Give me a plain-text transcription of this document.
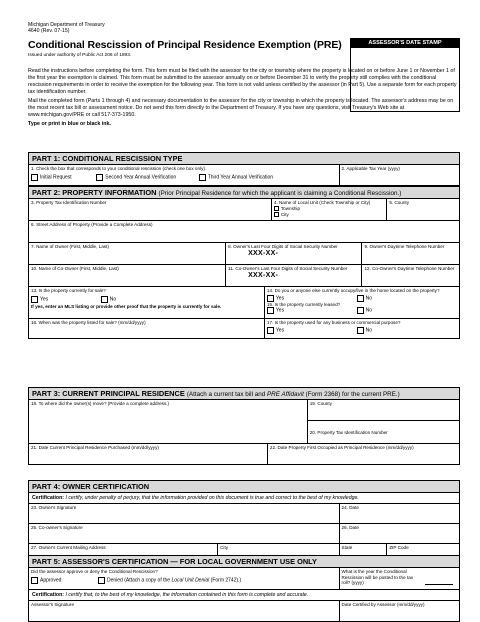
Michigan Department of Treasury
4640 (Rev. 07-15)
Conditional Rescission of Principal Residence Exemption (PRE)
Issued under authority of Public Act 206 of 1893.
ASSESSOR'S DATE STAMP

Read the instructions before completing the form. This form must be filed with the assessor for the city or township where the property is located on or before June 1 or November 1 of the first year the exemption is claimed. This form must be submitted to the assessor annually on or before December 31 to verify the property still complies with the conditional rescission requirements in order to receive the exemption for the following year. This form is not valid unless certified by the assessor (in Part 5). Use a separate form for each property tax identification number.

Mail the completed form (Parts 1 through 4) and necessary documentation to the assessor for the city or township in which the property is located. The assessor's address may be on the most recent tax bill or assessment notice. Do not send this form directly to the Department of Treasury. If you have any questions, visit Treasury's Web site at www.michigan.gov/PRE or call 517-373-1950.

Type or print in blue or black ink.

PART 1: CONDITIONAL RESCISSION TYPE
1. Check the box that corresponds to your conditional rescission (check one box only).
Initial Request	Second Year Annual Verification	Third Year Annual Verification
2. Applicable Tax Year (yyyy)
PART 2: PROPERTY INFORMATION (Prior Principal Residence for which the applicant is claiming a Conditional Rescission.)
3. Property Tax Identification Number	4. Name of Local Unit (Check Township or City)
Township
City
5. County
6. Street Address of Property (Provide a Complete Address)
7. Name of Owner (First, Middle, Last)	8. Owner's Last Four Digits of Social Security Number
XXX-XX-
9. Owner's Daytime Telephone Number
10. Name of Co-Owner (First, Middle, Last)	11. Co-Owner's Last Four Digits of Social Security Number
XXX-XX-
12. Co-Owner's Daytime Telephone Number
13. Is the property currently for sale?
Yes	No
If yes, enter an MLS listing or provide other proof that the property is currently for sale.
14. Do you or anyone else currently occupy/live in the home located on the property?
Yes	No
15. Is the property currently leased?
Yes	No
16. When was the property listed for sale? (mm/dd/yyyy)	17. Is the property used for any business or commercial purpose?
Yes	No
PART 3: CURRENT PRINCIPAL RESIDENCE (Attach a current tax bill and PRE Affidavit (Form 2368) for the current PRE.)
18. To where did the owner(s) move? (Provide a complete address.)	19. County
20. Property Tax Identification Number
21. Date Current Principal Residence Purchased (mm/dd/yyyy)	22. Date Property First Occupied as Principal Residence (mm/dd/yyyy)
PART 4: OWNER CERTIFICATION
Certification: I certify, under penalty of perjury, that the information provided on this document is true and correct to the best of my knowledge.
23. Owner's Signature	24. Date
25. Co-owner's Signature	26. Date
27. Owner's Current Mailing Address	City	State	ZIP Code
PART 5: ASSESSOR'S CERTIFICATION — FOR LOCAL GOVERNMENT USE ONLY
Did the assessor approve or deny the Conditional Rescission?
Approved	Denied (Attach a copy of the Local Unit Denial (Form 2742).)
What is the year the Conditional Rescission will be posted to the tax roll? (yyyy)
Certification: I certify that, to the best of my knowledge, the information contained in this form is complete and accurate.
Assessor's Signature	Date Certified by Assessor (mm/dd/yyyy)
